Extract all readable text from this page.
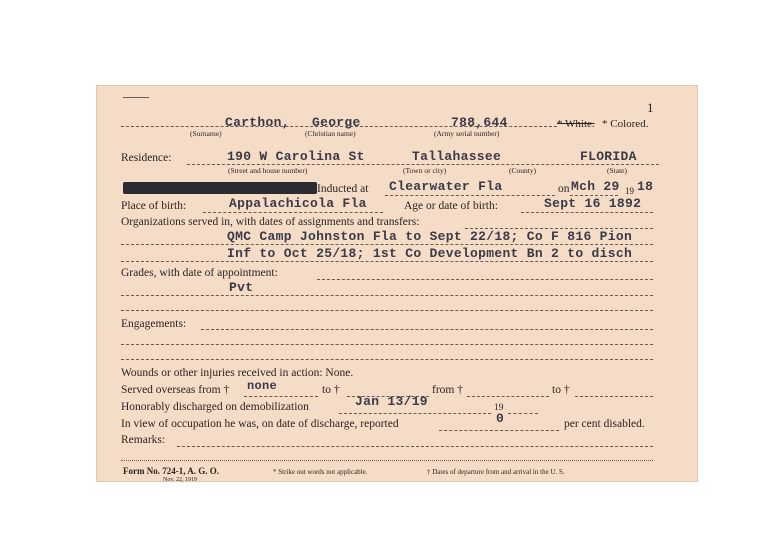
1
Carthon, George	788,644	* White. * Colored.
(Surname)	(Christian name)	(Army serial number)
Residence:	190 W Carolina St	Tallahassee	FLORIDA
(Street and house number)	(Town or city)	(County)	(State)
Inducted at Clearwater Fla	on Mch 29 19 18
Place of birth:	Appalachicola Fla	Age or date of birth:	Sept 16 1892
Organizations served in, with dates of assignments and transfers:
QMC Camp Johnston Fla to Sept 22/18; Co F 816 Pion
Inf to Oct 25/18; 1st Co Development Bn 2 to disch
Grades, with date of appointment:
Pvt
Engagements:
Wounds or other injuries received in action: None.
Served overseas from † none	to †	from †	to †
Honorably discharged on demobilization	Jan 13/19	19
In view of occupation he was, on date of discharge, reported	0	per cent disabled.
Remarks:
Form No. 724-1, A. G. O.
Nov. 22, 1919
* Strike out words not applicable.	† Dates of departure from and arrival in the U. S.
